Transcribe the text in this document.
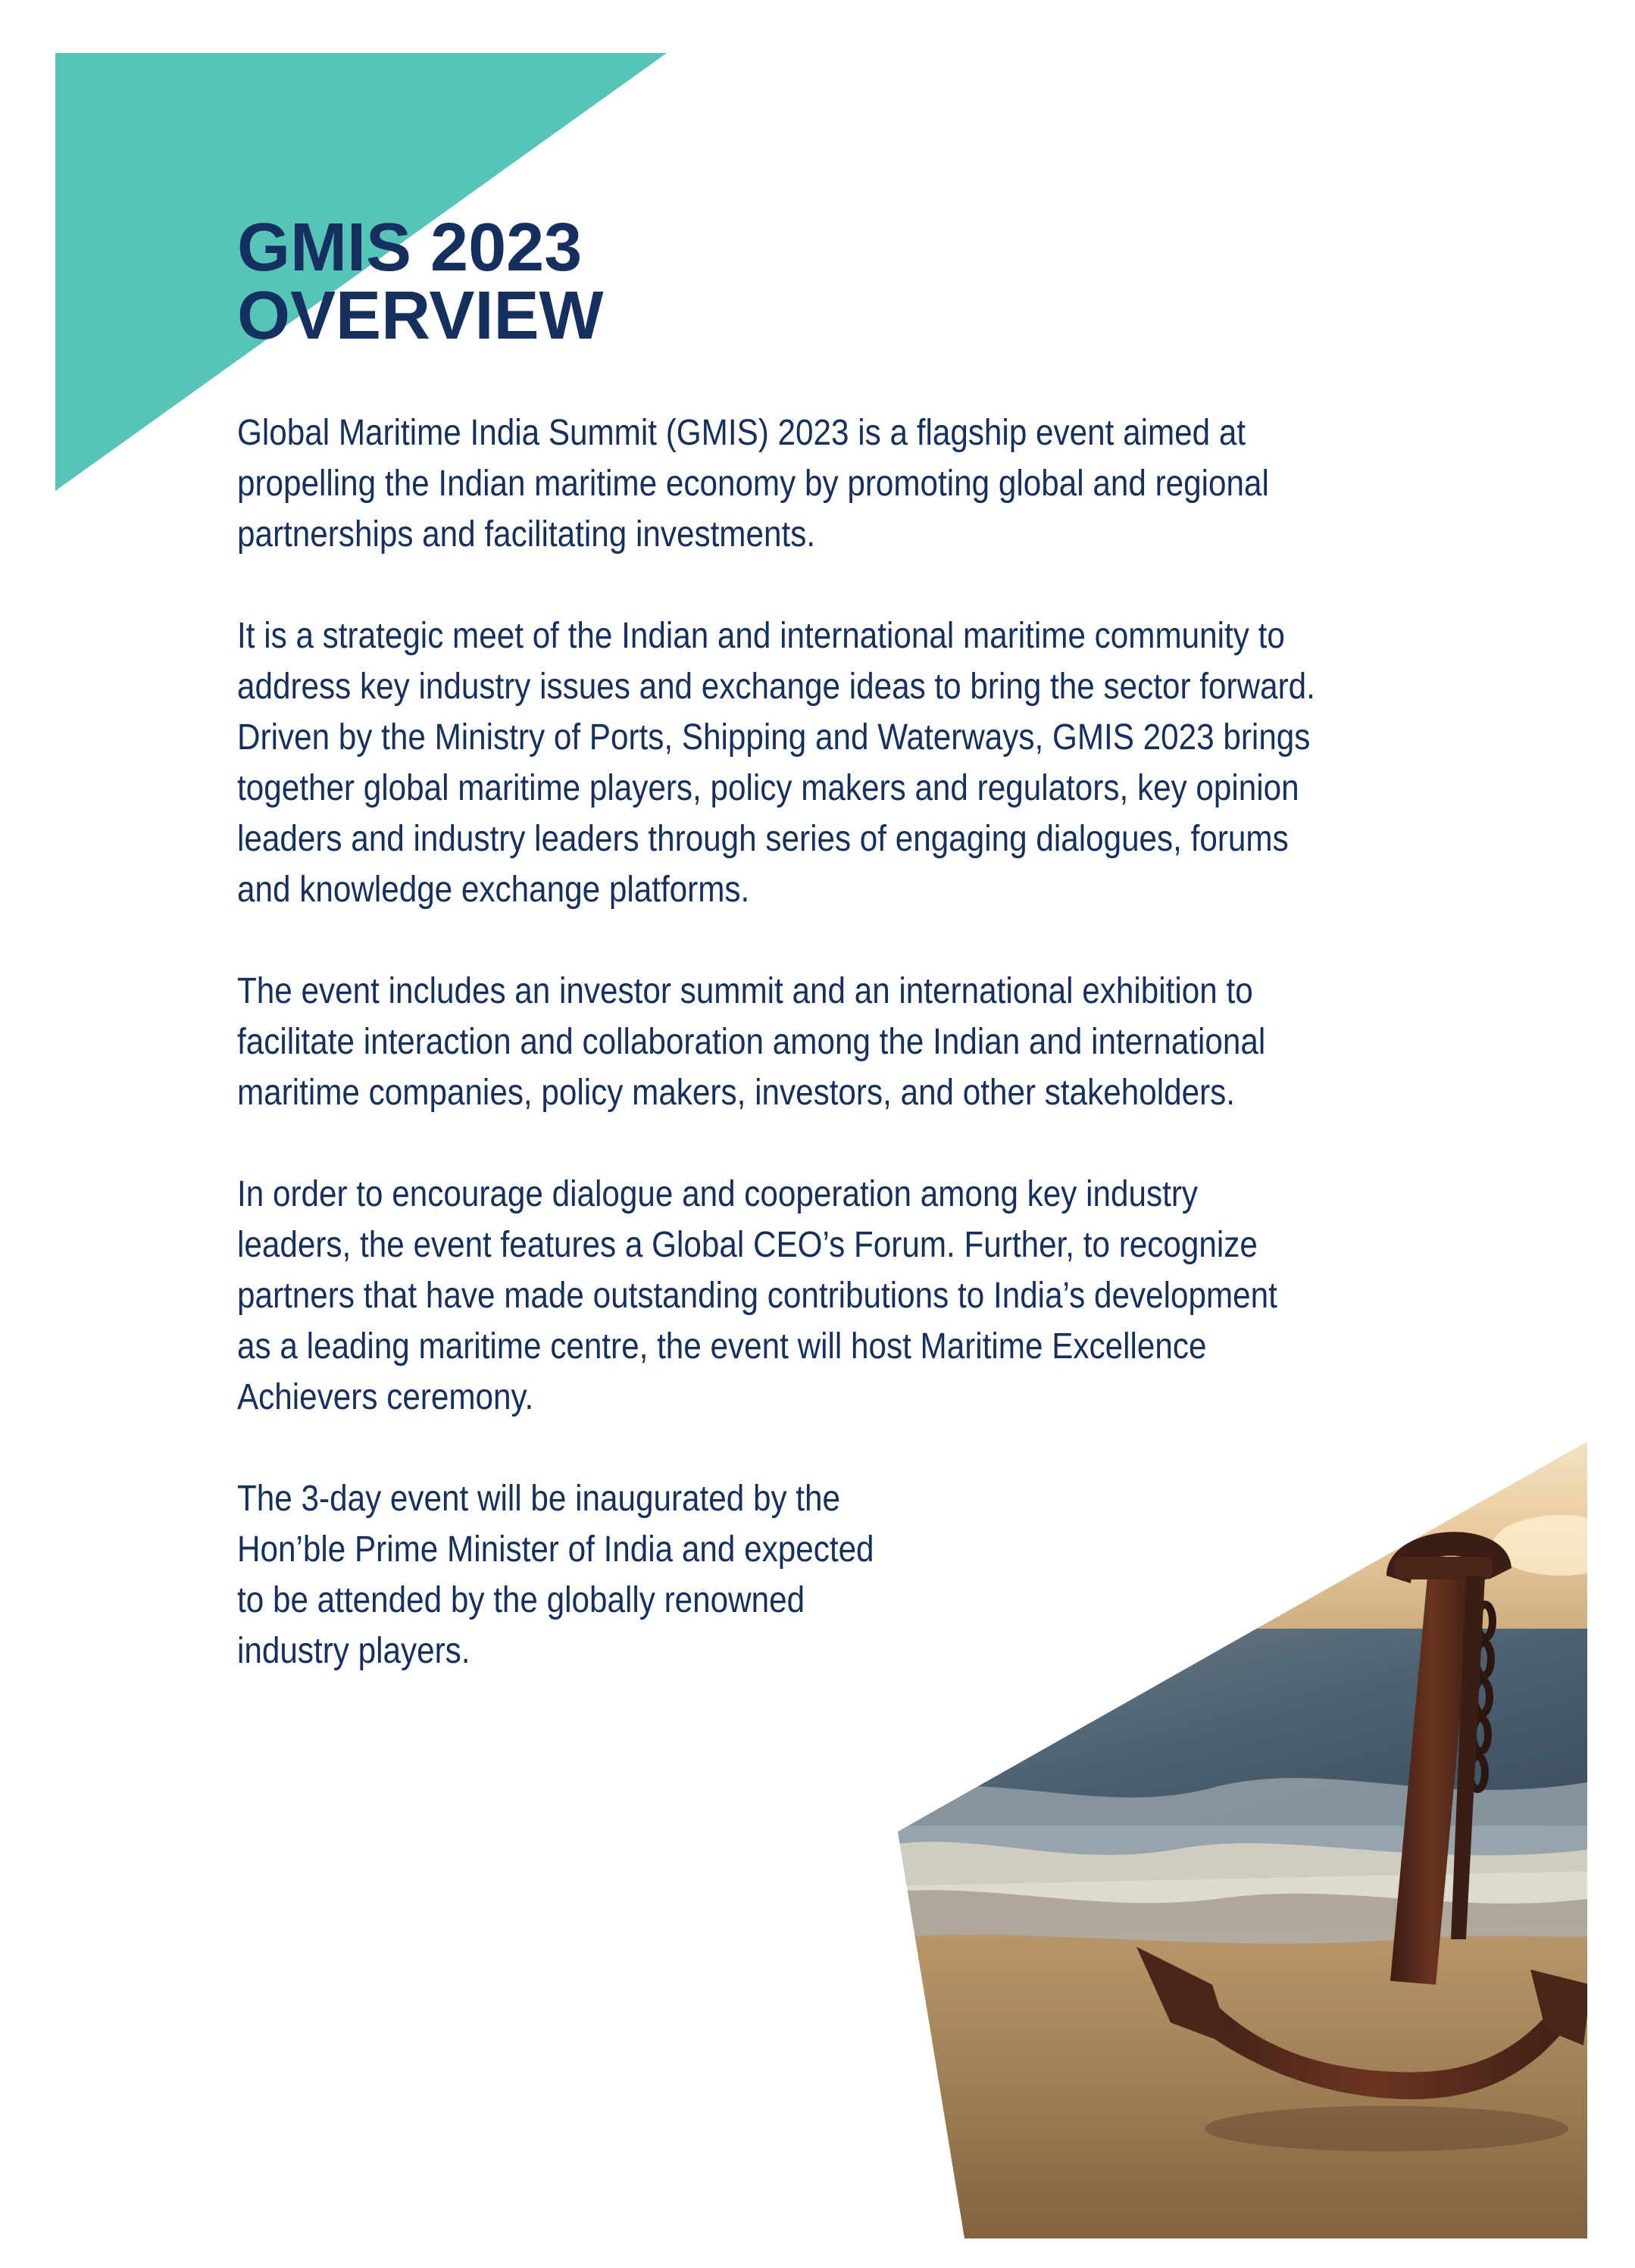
GMIS 2023
OVERVIEW

Global Maritime India Summit (GMIS) 2023 is a flagship event aimed at propelling the Indian maritime economy by promoting global and regional partnerships and facilitating investments.

It is a strategic meet of the Indian and international maritime community to address key industry issues and exchange ideas to bring the sector forward. Driven by the Ministry of Ports, Shipping and Waterways, GMIS 2023 brings together global maritime players, policy makers and regulators, key opinion leaders and industry leaders through series of engaging dialogues, forums and knowledge exchange platforms.

The event includes an investor summit and an international exhibition to facilitate interaction and collaboration among the Indian and international maritime companies, policy makers, investors, and other stakeholders.

In order to encourage dialogue and cooperation among key industry leaders, the event features a Global CEO’s Forum. Further, to recognize partners that have made outstanding contributions to India’s development as a leading maritime centre, the event will host Maritime Excellence Achievers ceremony.

The 3-day event will be inaugurated by the Hon’ble Prime Minister of India and expected to be attended by the globally renowned industry players.
